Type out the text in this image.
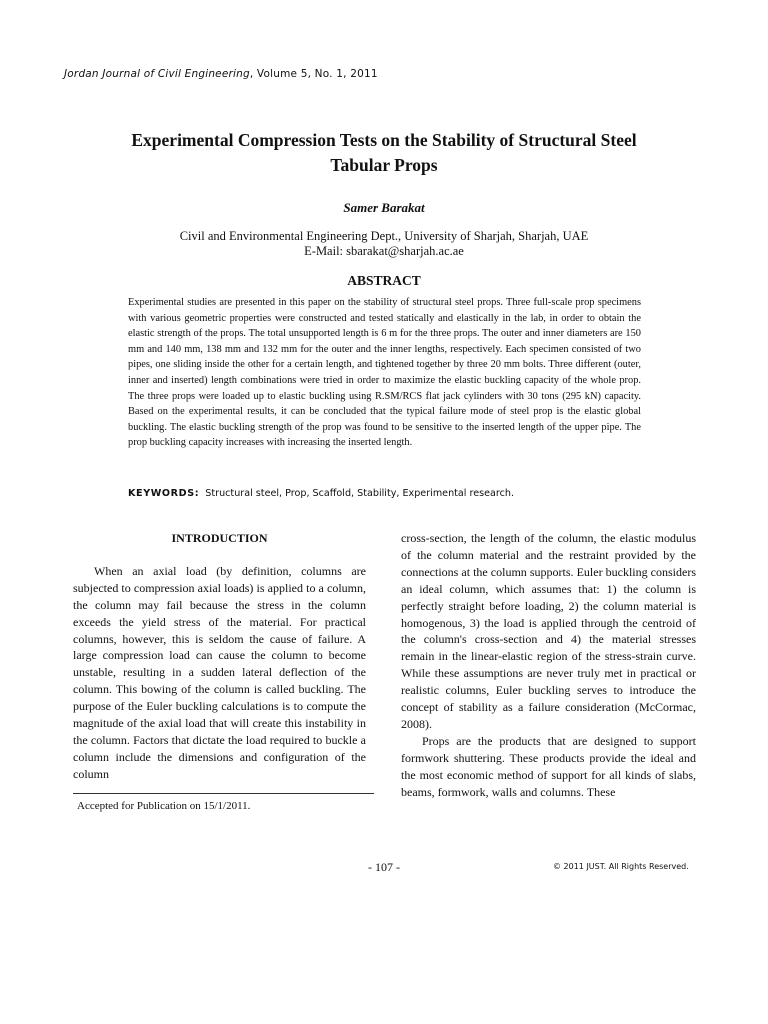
Jordan Journal of Civil Engineering, Volume 5, No. 1, 2011
Experimental Compression Tests on the Stability of Structural Steel Tabular Props
Samer Barakat
Civil and Environmental Engineering Dept., University of Sharjah, Sharjah, UAE
E-Mail: sbarakat@sharjah.ac.ae
ABSTRACT
Experimental studies are presented in this paper on the stability of structural steel props. Three full-scale prop specimens with various geometric properties were constructed and tested statically and elastically in the lab, in order to obtain the elastic strength of the props. The total unsupported length is 6 m for the three props. The outer and inner diameters are 150 mm and 140 mm, 138 mm and 132 mm for the outer and the inner lengths, respectively. Each specimen consisted of two pipes, one sliding inside the other for a certain length, and tightened together by three 20 mm bolts. Three different (outer, inner and inserted) length combinations were tried in order to maximize the elastic buckling capacity of the whole prop. The three props were loaded up to elastic buckling using R.SM/RCS flat jack cylinders with 30 tons (295 kN) capacity. Based on the experimental results, it can be concluded that the typical failure mode of steel prop is the elastic global buckling. The elastic buckling strength of the prop was found to be sensitive to the inserted length of the upper pipe. The prop buckling capacity increases with increasing the inserted length.
KEYWORDS: Structural steel, Prop, Scaffold, Stability, Experimental research.

INTRODUCTION

When an axial load (by definition, columns are subjected to compression axial loads) is applied to a column, the column may fail because the stress in the column exceeds the yield stress of the material. For practical columns, however, this is seldom the cause of failure. A large compression load can cause the column to become unstable, resulting in a sudden lateral deflection of the column. This bowing of the column is called buckling. The purpose of the Euler buckling calculations is to compute the magnitude of the axial load that will create this instability in the column. Factors that dictate the load required to buckle a column include the dimensions and configuration of the column

cross-section, the length of the column, the elastic modulus of the column material and the restraint provided by the connections at the column supports. Euler buckling considers an ideal column, which assumes that: 1) the column is perfectly straight before loading, 2) the column material is homogenous, 3) the load is applied through the centroid of the column's cross-section and 4) the material stresses remain in the linear-elastic region of the stress-strain curve. While these assumptions are never truly met in practical or realistic columns, Euler buckling serves to introduce the concept of stability as a failure consideration (McCormac, 2008).

Props are the products that are designed to support formwork shuttering. These products provide the ideal and the most economic method of support for all kinds of slabs, beams, formwork, walls and columns. These

Accepted for Publication on 15/1/2011.
- 107 -	© 2011 JUST. All Rights Reserved.
